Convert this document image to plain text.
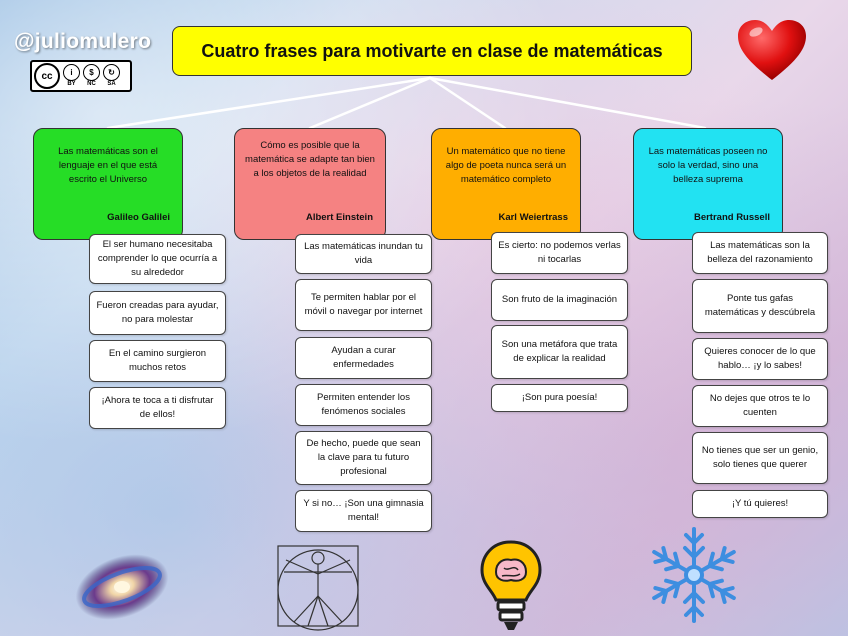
@juliomulero
cc	i
BY
$
NC
↻
SA
Cuatro frases para motivarte en clase de matemáticas
Las matemáticas son el lenguaje en el que está escrito el Universo
Galileo Galilei
El ser humano necesitaba comprender lo que ocurría a su alrededor
Fueron creadas para ayudar, no para molestar
En el camino surgieron muchos retos
¡Ahora te toca a ti disfrutar de ellos!
Cómo es posible que la matemática se adapte tan bien a los objetos de la realidad
Albert Einstein
Las matemáticas inundan tu vida
Te permiten hablar por el móvil o navegar por internet
Ayudan a curar enfermedades
Permiten entender los fenómenos sociales
De hecho, puede que sean la clave para tu futuro profesional
Y si no… ¡Son una gimnasia mental!
Un matemático que no tiene algo de poeta nunca será un matemático completo
Karl Weiertrass
Es cierto: no podemos verlas ni tocarlas
Son fruto de la imaginación
Son una metáfora que trata de explicar la realidad
¡Son pura poesía!
Las matemáticas poseen no solo la verdad, sino una belleza suprema
Bertrand Russell
Las matemáticas son la belleza del razonamiento
Ponte tus gafas matemáticas y descúbrela
Quieres conocer de lo que hablo… ¡y lo sabes!
No dejes que otros te lo cuenten
No tienes que ser un genio, solo tienes que querer
¡Y tú quieres!
